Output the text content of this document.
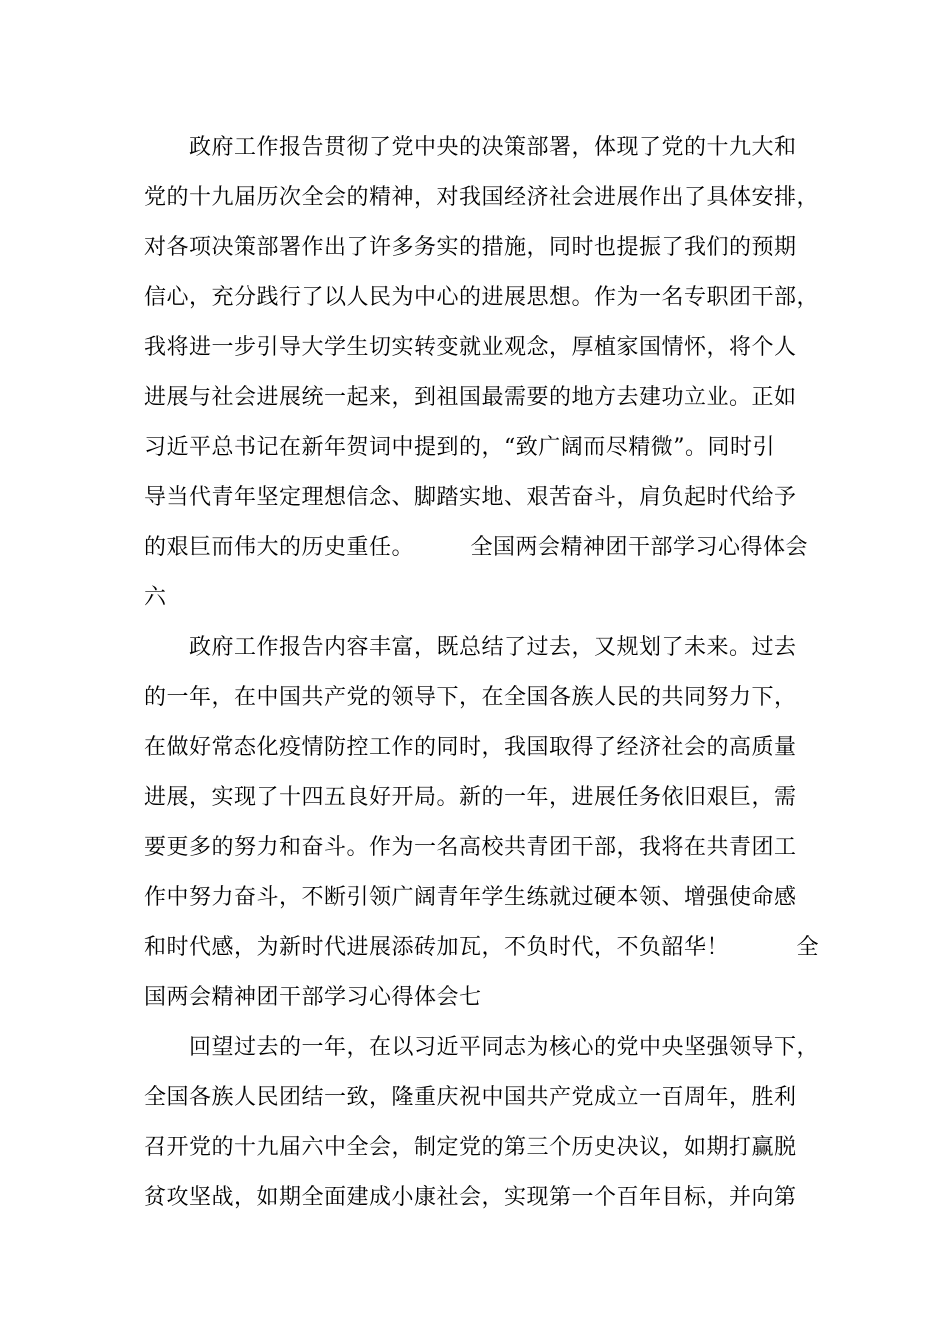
　　政府工作报告贯彻了党中央的决策部署，体现了党的十九大和
党的十九届历次全会的精神，对我国经济社会进展作出了具体安排，
对各项决策部署作出了许多务实的措施，同时也提振了我们的预期
信心，充分践行了以人民为中心的进展思想。作为一名专职团干部，
我将进一步引导大学生切实转变就业观念，厚植家国情怀，将个人
进展与社会进展统一起来，到祖国最需要的地方去建功立业。正如
习近平总书记在新年贺词中提到的，“致广阔而尽精微”。同时引
导当代青年坚定理想信念、脚踏实地、艰苦奋斗，肩负起时代给予
的艰巨而伟大的历史重任。　　　全国两会精神团干部学习心得体会
六
　　政府工作报告内容丰富，既总结了过去，又规划了未来。过去
的一年，在中国共产党的领导下，在全国各族人民的共同努力下，
在做好常态化疫情防控工作的同时，我国取得了经济社会的高质量
进展，实现了十四五良好开局。新的一年，进展任务依旧艰巨，需
要更多的努力和奋斗。作为一名高校共青团干部，我将在共青团工
作中努力奋斗，不断引领广阔青年学生练就过硬本领、增强使命感
和时代感，为新时代进展添砖加瓦，不负时代，不负韶华！　　　全
国两会精神团干部学习心得体会七
　　回望过去的一年，在以习近平同志为核心的党中央坚强领导下，
全国各族人民团结一致，隆重庆祝中国共产党成立一百周年，胜利
召开党的十九届六中全会，制定党的第三个历史决议，如期打赢脱
贫攻坚战，如期全面建成小康社会，实现第一个百年目标，并向第
